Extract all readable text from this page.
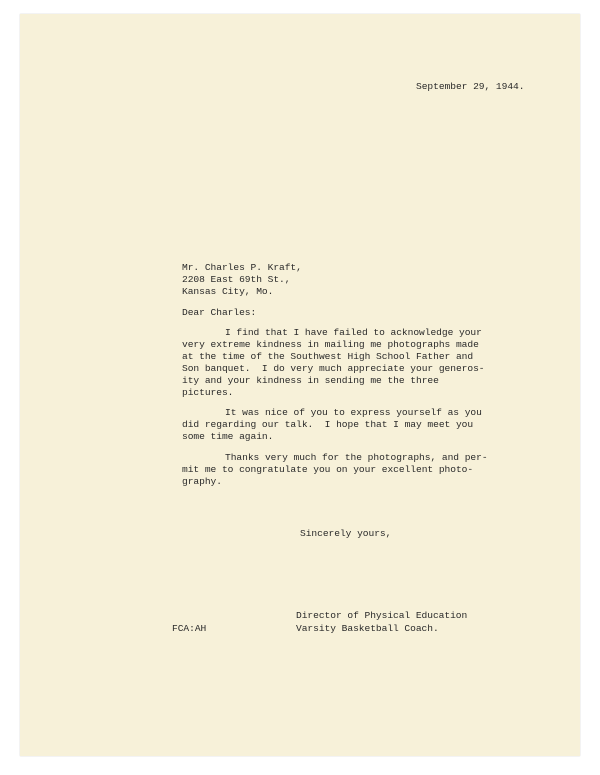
September 29, 1944.

Mr. Charles P. Kraft,

2208 East 69th St.,

Kansas City, Mo.

Dear Charles:

I find that I have failed to acknowledge your

very extreme kindness in mailing me photographs made

at the time of the Southwest High School Father and

Son banquet.  I do very much appreciate your generos-

ity and your kindness in sending me the three

pictures.

It was nice of you to express yourself as you

did regarding our talk.  I hope that I may meet you

some time again.

Thanks very much for the photographs, and per-

mit me to congratulate you on your excellent photo-

graphy.

Sincerely yours,

Director of Physical Education

Varsity Basketball Coach.

FCA:AH
